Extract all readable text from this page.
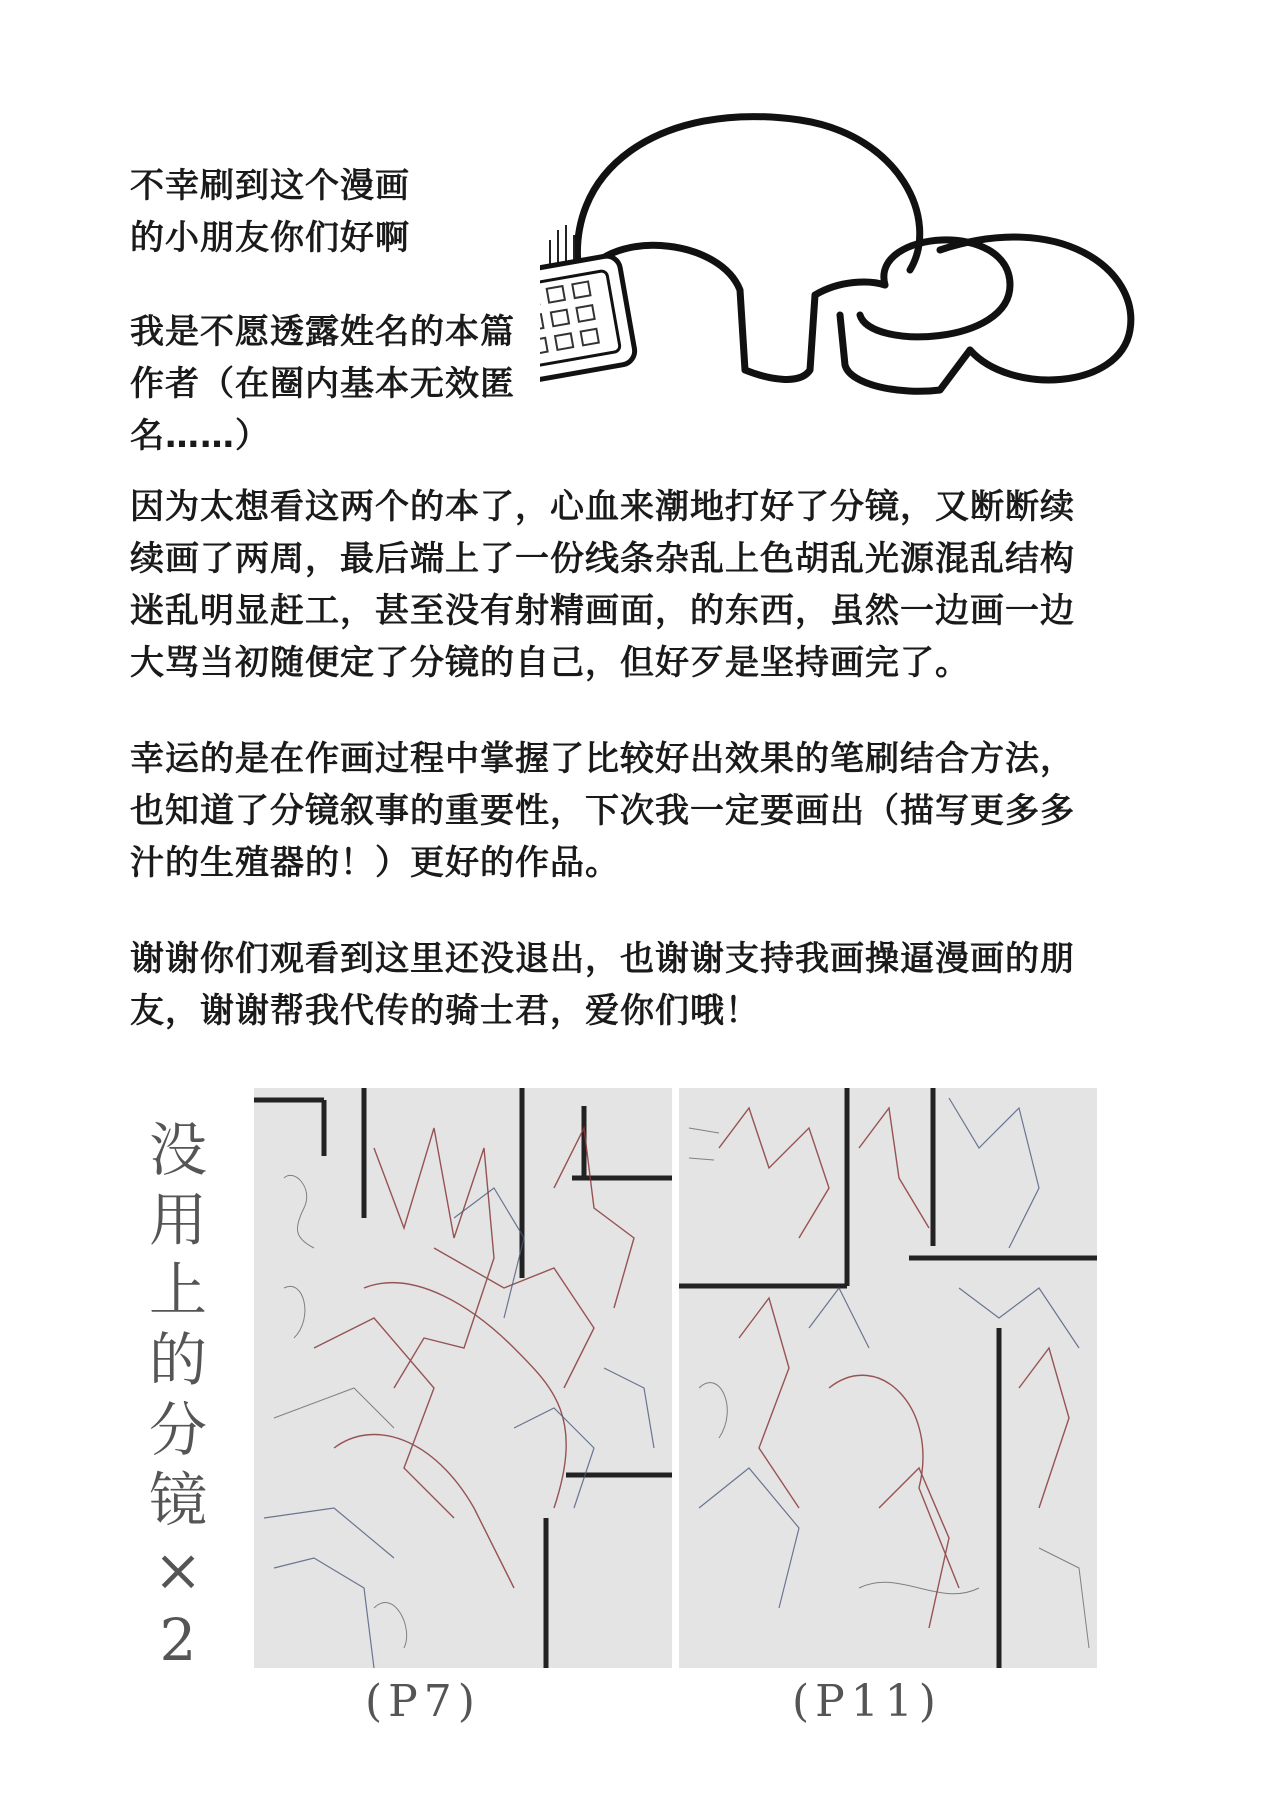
不幸刷到这个漫画
的小朋友你们好啊
我是不愿透露姓名的本篇
作者（在圈内基本无效匿
名……）
因为太想看这两个的本了，心血来潮地打好了分镜，又断断续
续画了两周，最后端上了一份线条杂乱上色胡乱光源混乱结构
迷乱明显赶工，甚至没有射精画面，的东西，虽然一边画一边
大骂当初随便定了分镜的自己，但好歹是坚持画完了。
幸运的是在作画过程中掌握了比较好出效果的笔刷结合方法，
也知道了分镜叙事的重要性，下次我一定要画出（描写更多多
汁的生殖器的！）更好的作品。
谢谢你们观看到这里还没退出，也谢谢支持我画操逼漫画的朋
友，谢谢帮我代传的骑士君，爱你们哦！
没
用
上
的
分
镜
×
2
(P7)	(P11)
